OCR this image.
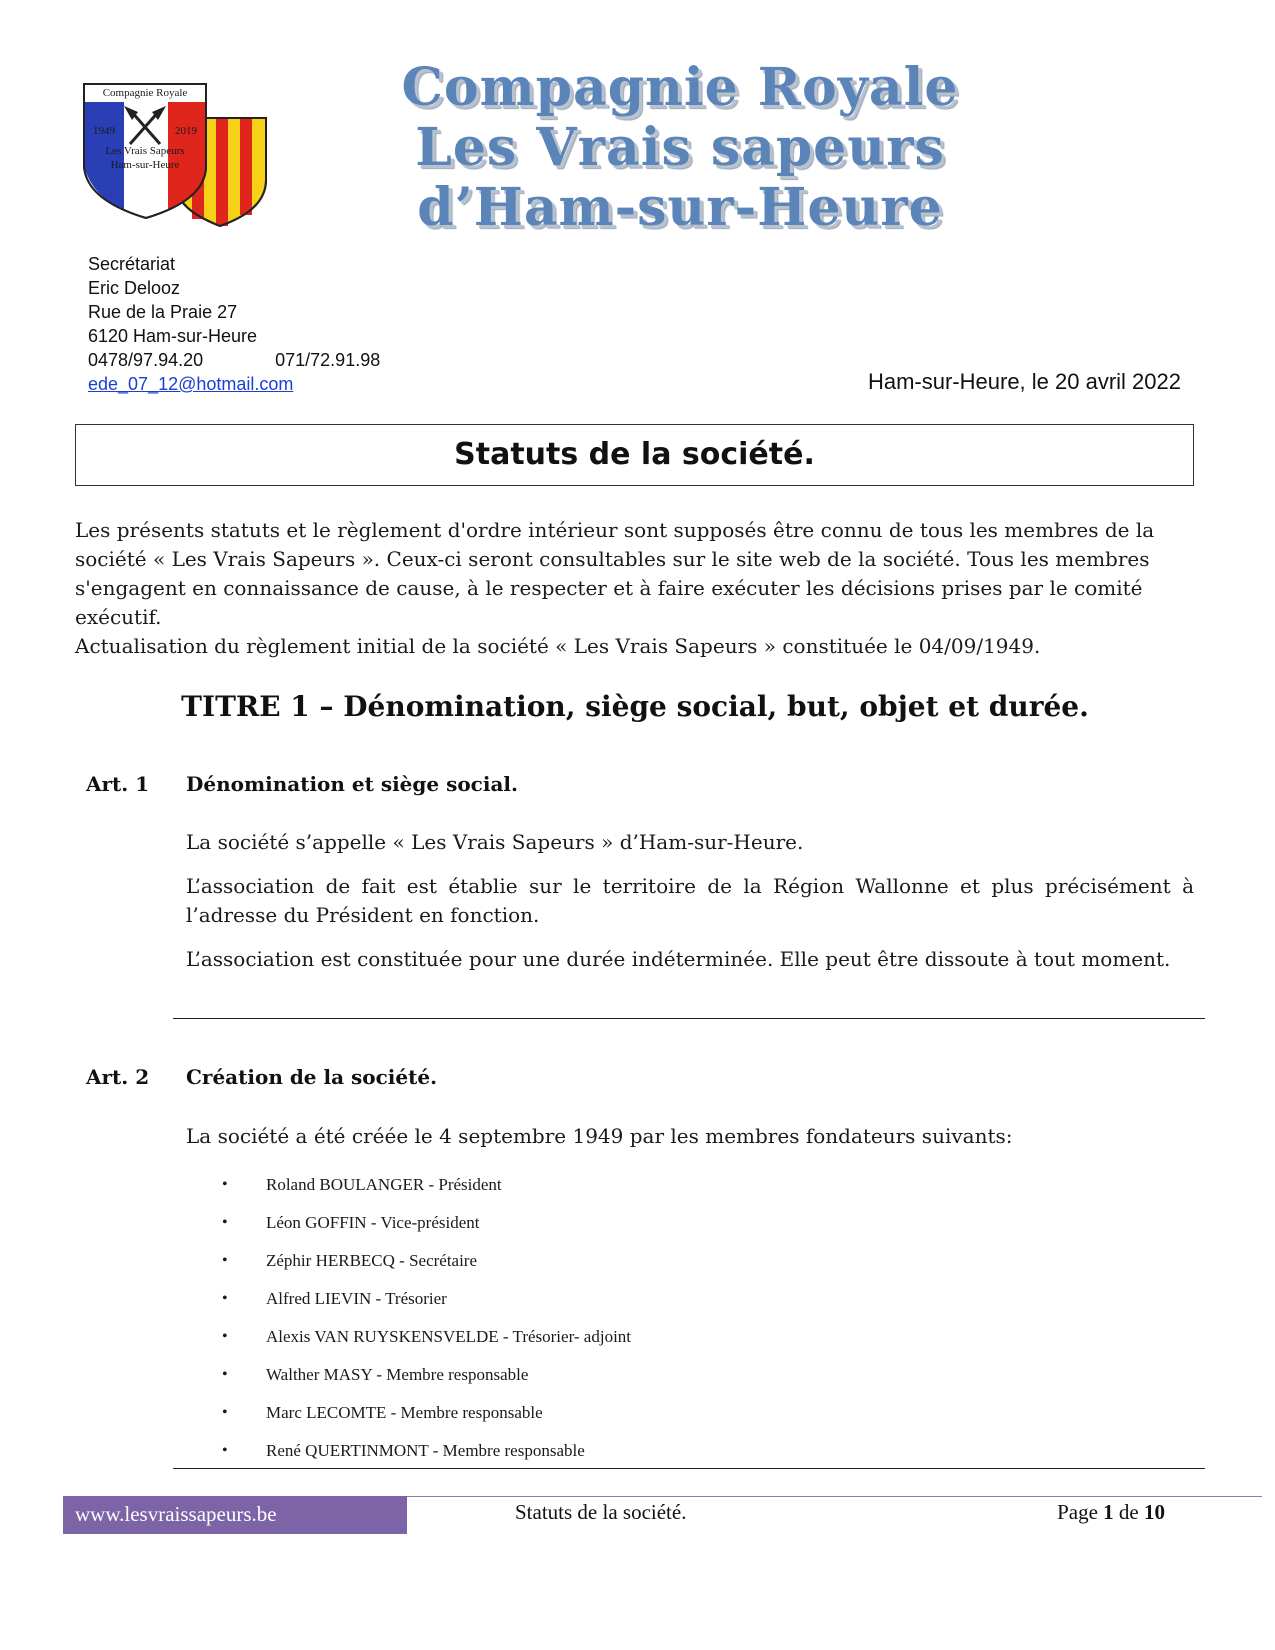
Compagnie Royale
1949	2019
Les Vrais Sapeurs
Ham-sur-Heure
Compagnie Royale
Les Vrais sapeurs
d’Ham-sur-Heure
Secrétariat
Eric Delooz
Rue de la Praie 27
6120 Ham-sur-Heure
0478/97.94.20	071/72.91.98
ede_07_12@hotmail.com	Ham-sur-Heure, le 20 avril 2022
Statuts de la société.
Les présents statuts et le règlement d'ordre intérieur sont supposés être connu de tous les membres de la société « Les Vrais Sapeurs ». Ceux-ci seront consultables sur le site web de la société. Tous les membres s'engagent en connaissance de cause, à le respecter et à faire exécuter les décisions prises par le comité exécutif.
Actualisation du règlement initial de la société « Les Vrais Sapeurs » constituée le 04/09/1949.
TITRE 1 – Dénomination, siège social, but, objet et durée.
Art. 1 Dénomination et siège social.
La société s’appelle « Les Vrais Sapeurs » d’Ham-sur-Heure.
L’association de fait est établie sur le territoire de la Région Wallonne et plus précisément à l’adresse du Président en fonction.
L’association est constituée pour une durée indéterminée. Elle peut être dissoute à tout moment.
Art. 2 Création de la société.
La société a été créée le 4 septembre 1949 par les membres fondateurs suivants:
• Roland BOULANGER - Président
• Léon GOFFIN - Vice-président
• Zéphir HERBECQ - Secrétaire
• Alfred LIEVIN - Trésorier
• Alexis VAN RUYSKENSVELDE - Trésorier- adjoint
• Walther MASY - Membre responsable
• Marc LECOMTE - Membre responsable
• René QUERTINMONT - Membre responsable
www.lesvraissapeurs.be	Statuts de la société.	Page 1 de 10
